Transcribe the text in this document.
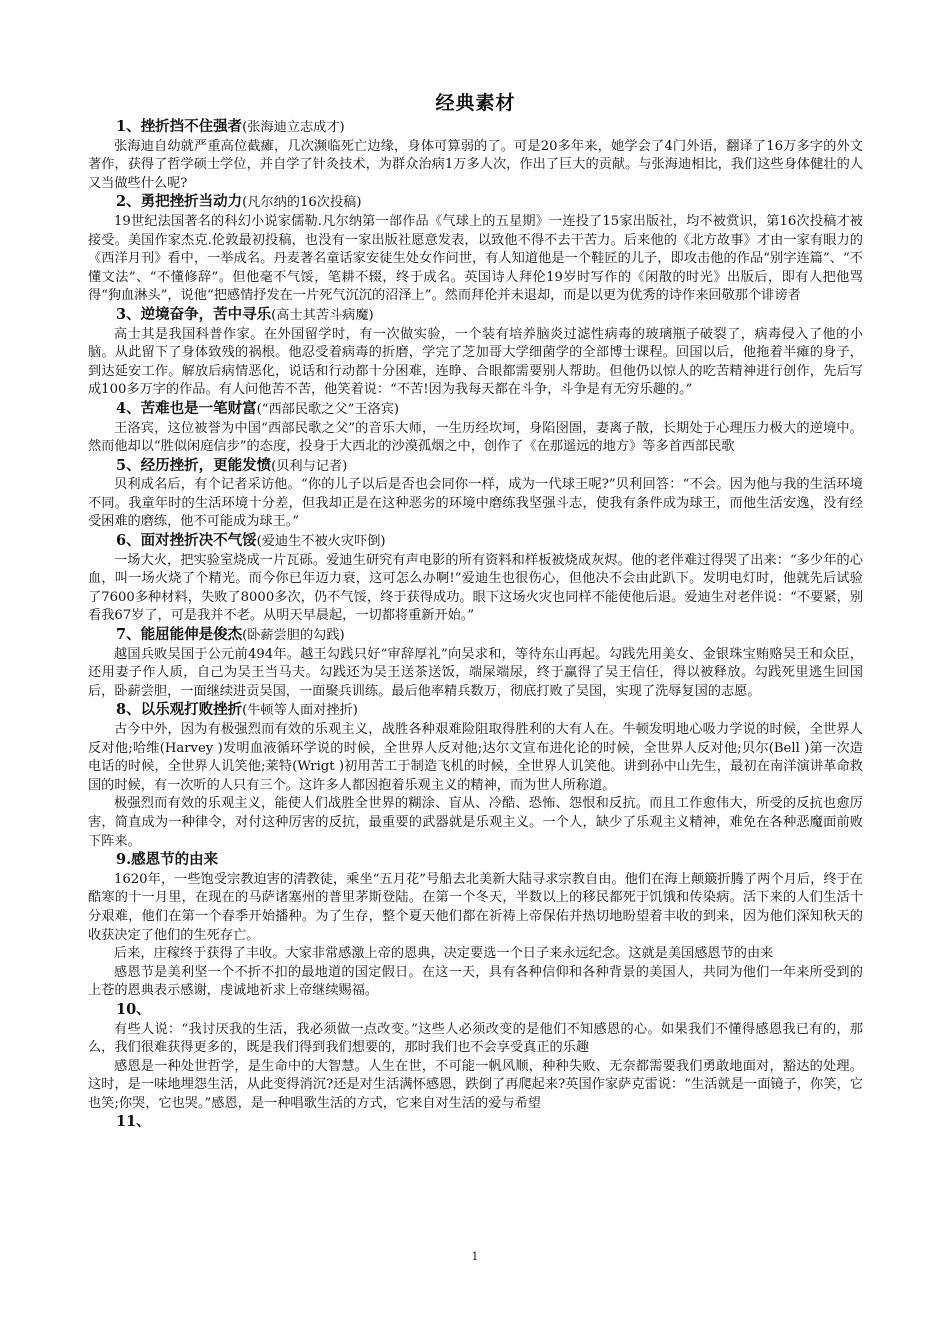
经典素材
1、挫折挡不住强者(张海迪立志成才)

张海迪自幼就严重高位截瘫，几次濒临死亡边缘，身体可算弱的了。可是20多年来，她学会了4门外语，翻译了16万多字的外文著作，获得了哲学硕士学位，并自学了针灸技术，为群众治病1万多人次，作出了巨大的贡献。与张海迪相比，我们这些身体健壮的人又当做些什么呢?

2、勇把挫折当动力(凡尔纳的16次投稿)

19世纪法国著名的科幻小说家儒勒.凡尔纳第一部作品《气球上的五星期》一连投了15家出版社，均不被赏识，第16次投稿才被接受。美国作家杰克.伦敦最初投稿，也没有一家出版社愿意发表，以致他不得不去干苦力。后来他的《北方故事》才由一家有眼力的《西洋月刊》看中，一举成名。丹麦著名童话家安徒生处女作问世，有人知道他是一个鞋匠的儿子，即攻击他的作品“别字连篇”、“不懂文法”、“不懂修辞”。但他毫不气馁，笔耕不辍，终于成名。英国诗人拜伦19岁时写作的《闲散的时光》出版后，即有人把他骂得“狗血淋头”，说他“把感情抒发在一片死气沉沉的沼泽上”。然而拜伦并未退却，而是以更为优秀的诗作来回敬那个诽谤者

3、逆境奋争，苦中寻乐(高士其苦斗病魔)

高士其是我国科普作家。在外国留学时，有一次做实验，一个装有培养脑炎过滤性病毒的玻璃瓶子破裂了，病毒侵入了他的小脑。从此留下了身体致残的祸根。他忍受着病毒的折磨，学完了芝加哥大学细菌学的全部博士课程。回国以后，他拖着半瘫的身子，到达延安工作。解放后病情恶化，说话和行动都十分困难，连睁、合眼都需要别人帮助。但他仍以惊人的吃苦精神进行创作，先后写成100多万字的作品。有人问他苦不苦，他笑着说：“不苦!因为我每天都在斗争，斗争是有无穷乐趣的。”

4、苦难也是一笔财富(“西部民歌之父”王洛宾)

王洛宾，这位被誉为中国“西部民歌之父”的音乐大师，一生历经坎坷，身陷囹圄，妻离子散，长期处于心理压力极大的逆境中。然而他却以“胜似闲庭信步”的态度，投身于大西北的沙漠孤烟之中，创作了《在那遥远的地方》等多首西部民歌

5、经历挫折，更能发愤(贝利与记者)

贝利成名后，有个记者采访他。“你的儿子以后是否也会同你一样，成为一代球王呢?”贝利回答：“不会。因为他与我的生活环境不同。我童年时的生活环境十分差，但我却正是在这种恶劣的环境中磨练我坚强斗志，使我有条件成为球王，而他生活安逸，没有经受困难的磨练，他不可能成为球王。”

6、面对挫折决不气馁(爱迪生不被火灾吓倒)

一场大火，把实验室烧成一片瓦砾。爱迪生研究有声电影的所有资料和样板被烧成灰烬。他的老伴难过得哭了出来：“多少年的心血，叫一场火烧了个精光。而今你已年迈力衰，这可怎么办啊!”爱迪生也很伤心，但他决不会由此趴下。发明电灯时，他就先后试验了7600多种材料，失败了8000多次，仍不气馁，终于获得成功。眼下这场火灾也同样不能使他后退。爱迪生对老伴说：“不要紧，别看我67岁了，可是我并不老。从明天早晨起，一切都将重新开始。”

7、能屈能伸是俊杰(卧薪尝胆的勾践)

越国兵败吴国于公元前494年。越王勾践只好“审辞厚礼”向吴求和，等待东山再起。勾践先用美女、金银珠宝贿赂吴王和众臣，还用妻子作人质，自己为吴王当马夫。勾践还为吴王送茶送饭，端屎端尿，终于赢得了吴王信任，得以被释放。勾践死里逃生回国后，卧薪尝胆，一面继续进贡吴国，一面聚兵训练。最后他率精兵数万，彻底打败了吴国，实现了洗辱复国的志愿。

8、以乐观打败挫折(牛顿等人面对挫折)

古今中外，因为有极强烈而有效的乐观主义，战胜各种艰难险阻取得胜利的大有人在。牛顿发明地心吸力学说的时候，全世界人反对他;哈维(Harvey )发明血液循环学说的时候，全世界人反对他;达尔文宣布进化论的时候，全世界人反对他;贝尔(Bell )第一次造电话的时候，全世界人讥笑他;莱特(Wrigt )初用苦工于制造飞机的时候，全世界人讥笑他。讲到孙中山先生，最初在南洋演讲革命救国的时候，有一次听的人只有三个。这许多人都因抱着乐观主义的精神，而为世人所称道。

极强烈而有效的乐观主义，能使人们战胜全世界的糊涂、盲从、冷酷、恐怖、怨恨和反抗。而且工作愈伟大，所受的反抗也愈厉害，简直成为一种律令，对付这种厉害的反抗，最重要的武器就是乐观主义。一个人，缺少了乐观主义精神，难免在各种恶魔面前败下阵来。

9.感恩节的由来

1620年，一些饱受宗教迫害的清教徒，乘坐“五月花”号船去北美新大陆寻求宗教自由。他们在海上颠簸折腾了两个月后，终于在酷寒的十一月里，在现在的马萨诸塞州的普里茅斯登陆。在第一个冬天，半数以上的移民都死于饥饿和传染病。活下来的人们生活十分艰难，他们在第一个春季开始播种。为了生存，整个夏天他们都在祈祷上帝保佑并热切地盼望着丰收的到来，因为他们深知秋天的收获决定了他们的生死存亡。

后来，庄稼终于获得了丰收。大家非常感激上帝的恩典，决定要选一个日子来永远纪念。这就是美国感恩节的由来

感恩节是美利坚一个不折不扣的最地道的国定假日。在这一天，具有各种信仰和各种背景的美国人，共同为他们一年来所受到的上苍的恩典表示感谢，虔诚地祈求上帝继续赐福。

10、

有些人说：“我讨厌我的生活，我必须做一点改变。”这些人必须改变的是他们不知感恩的心。如果我们不懂得感恩我已有的，那么，我们很难获得更多的，既是我们得到我们想要的，那时我们也不会享受真正的乐趣

感恩是一种处世哲学，是生命中的大智慧。人生在世，不可能一帆风顺，种种失败、无奈都需要我们勇敢地面对，豁达的处理。这时，是一味地埋怨生活，从此变得消沉?还是对生活满怀感恩，跌倒了再爬起来?英国作家萨克雷说：“生活就是一面镜子，你笑，它也笑;你哭，它也哭。”感恩，是一种唱歌生活的方式，它来自对生活的爱与希望

11、
1
